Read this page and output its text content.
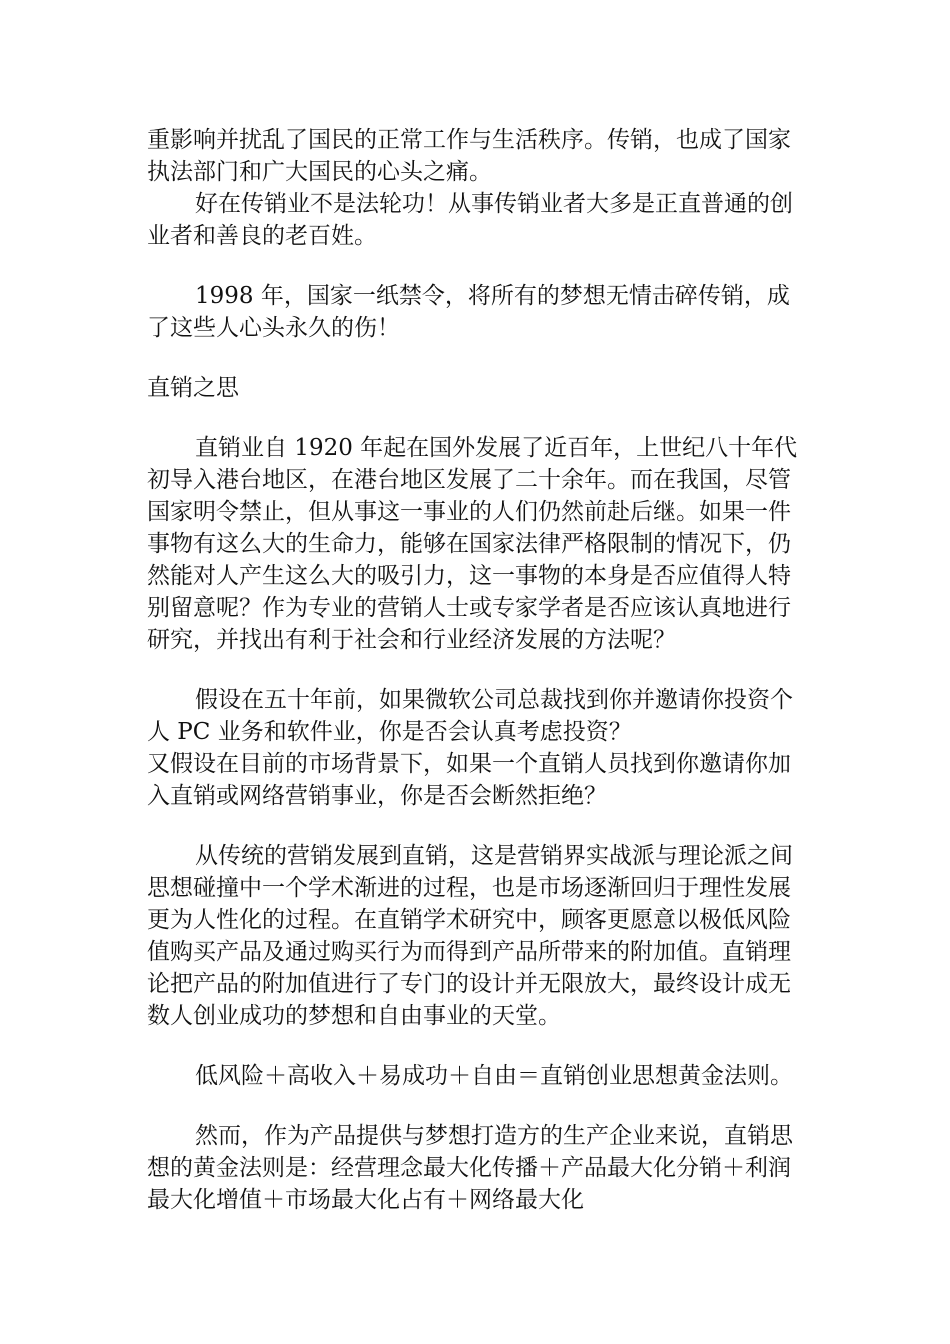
重影响并扰乱了国民的正常工作与生活秩序。传销，也成了国家执法部门和广大国民的心头之痛。

好在传销业不是法轮功！从事传销业者大多是正直普通的创业者和善良的老百姓。

1998 年，国家一纸禁令，将所有的梦想无情击碎传销，成了这些人心头永久的伤！

直销之思

直销业自 1920 年起在国外发展了近百年，上世纪八十年代初导入港台地区，在港台地区发展了二十余年。而在我国，尽管国家明令禁止，但从事这一事业的人们仍然前赴后继。如果一件事物有这么大的生命力，能够在国家法律严格限制的情况下，仍然能对人产生这么大的吸引力，这一事物的本身是否应值得人特别留意呢？作为专业的营销人士或专家学者是否应该认真地进行研究，并找出有利于社会和行业经济发展的方法呢？

假设在五十年前，如果微软公司总裁找到你并邀请你投资个人 PC 业务和软件业，你是否会认真考虑投资？

又假设在目前的市场背景下，如果一个直销人员找到你邀请你加入直销或网络营销事业，你是否会断然拒绝？

从传统的营销发展到直销，这是营销界实战派与理论派之间思想碰撞中一个学术渐进的过程，也是市场逐渐回归于理性发展更为人性化的过程。在直销学术研究中，顾客更愿意以极低风险值购买产品及通过购买行为而得到产品所带来的附加值。直销理论把产品的附加值进行了专门的设计并无限放大，最终设计成无数人创业成功的梦想和自由事业的天堂。

低风险＋高收入＋易成功＋自由＝直销创业思想黄金法则。

然而，作为产品提供与梦想打造方的生产企业来说，直销思想的黄金法则是：经营理念最大化传播＋产品最大化分销＋利润最大化增值＋市场最大化占有＋网络最大化
